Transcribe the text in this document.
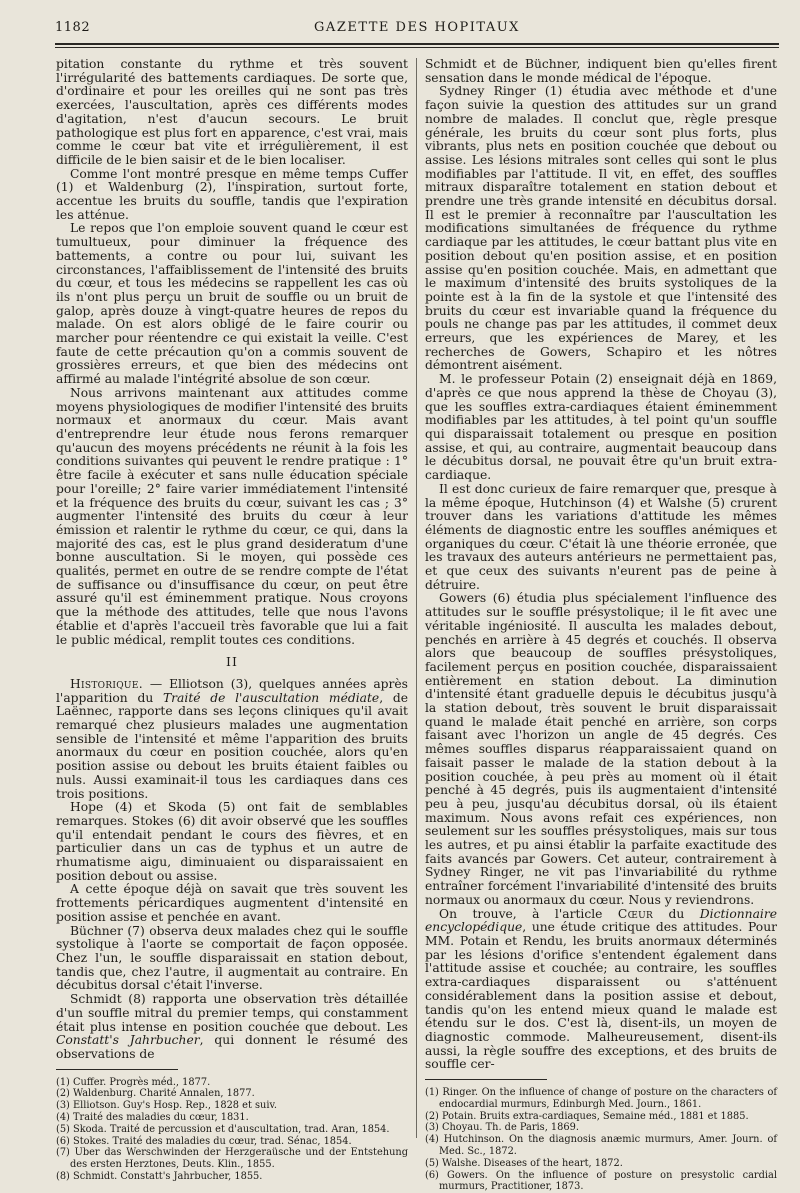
1182	GAZETTE DES HOPITAUX

pitation constante du rythme et très souvent l'irrégularité des battements cardiaques. De sorte que, d'ordinaire et pour les oreilles qui ne sont pas très exercées, l'auscultation, après ces différents modes d'agitation, n'est d'aucun secours. Le bruit pathologique est plus fort en apparence, c'est vrai, mais comme le cœur bat vite et irrégulièrement, il est difficile de le bien saisir et de le bien localiser.

Comme l'ont montré presque en même temps Cuffer (1) et Waldenburg (2), l'inspiration, surtout forte, accentue les bruits du souffle, tandis que l'expiration les atténue.

Le repos que l'on emploie souvent quand le cœur est tumultueux, pour diminuer la fréquence des battements, a contre ou pour lui, suivant les circonstances, l'affaiblissement de l'intensité des bruits du cœur, et tous les médecins se rappellent les cas où ils n'ont plus perçu un bruit de souffle ou un bruit de galop, après douze à vingt-quatre heures de repos du malade. On est alors obligé de le faire courir ou marcher pour réentendre ce qui existait la veille. C'est faute de cette précaution qu'on a commis souvent de grossières erreurs, et que bien des médecins ont affirmé au malade l'intégrité absolue de son cœur.

Nous arrivons maintenant aux attitudes comme moyens physiologiques de modifier l'intensité des bruits normaux et anormaux du cœur. Mais avant d'entreprendre leur étude nous ferons remarquer qu'aucun des moyens précédents ne réunit à la fois les conditions suivantes qui peuvent le rendre pratique : 1° être facile à exécuter et sans nulle éducation spéciale pour l'oreille; 2° faire varier immédiatement l'intensité et la fréquence des bruits du cœur, suivant les cas ; 3° augmenter l'intensité des bruits du cœur à leur émission et ralentir le rythme du cœur, ce qui, dans la majorité des cas, est le plus grand desideratum d'une bonne auscultation. Si le moyen, qui possède ces qualités, permet en outre de se rendre compte de l'état de suffisance ou d'insuffisance du cœur, on peut être assuré qu'il est éminemment pratique. Nous croyons que la méthode des attitudes, telle que nous l'avons établie et d'après l'accueil très favorable que lui a fait le public médical, remplit toutes ces conditions.

II

Historique. — Elliotson (3), quelques années après l'apparition du Traité de l'auscultation médiate, de Laënnec, rapporte dans ses leçons cliniques qu'il avait remarqué chez plusieurs malades une augmentation sensible de l'intensité et même l'apparition des bruits anormaux du cœur en position couchée, alors qu'en position assise ou debout les bruits étaient faibles ou nuls. Aussi examinait-il tous les cardiaques dans ces trois positions.

Hope (4) et Skoda (5) ont fait de semblables remarques. Stokes (6) dit avoir observé que les souffles qu'il entendait pendant le cours des fièvres, et en particulier dans un cas de typhus et un autre de rhumatisme aigu, diminuaient ou disparaissaient en position debout ou assise.

A cette époque déjà on savait que très souvent les frottements péricardiques augmentent d'intensité en position assise et penchée en avant.

Büchner (7) observa deux malades chez qui le souffle systolique à l'aorte se comportait de façon opposée. Chez l'un, le souffle disparaissait en station debout, tandis que, chez l'autre, il augmentait au contraire. En décubitus dorsal c'était l'inverse.

Schmidt (8) rapporta une observation très détaillée d'un souffle mitral du premier temps, qui constamment était plus intense en position couchée que debout. Les Constatt's Jahrbucher, qui donnent le résumé des observations de

(1) Cuffer. Progrès méd., 1877.
(2) Waldenburg. Charité Annalen, 1877.
(3) Elliotson. Guy's Hosp. Rep., 1828 et suiv.
(4) Traité des maladies du cœur, 1831.
(5) Skoda. Traité de percussion et d'auscultation, trad. Aran, 1854.
(6) Stokes. Traité des maladies du cœur, trad. Sénac, 1854.
(7) Uber das Werschwinden der Herzgeraüsche und der Entstehung des ersten Herztones, Deuts. Klin., 1855.
(8) Schmidt. Constatt's Jahrbucher, 1855.

Schmidt et de Büchner, indiquent bien qu'elles firent sensation dans le monde médical de l'époque.

Sydney Ringer (1) étudia avec méthode et d'une façon suivie la question des attitudes sur un grand nombre de malades. Il conclut que, règle presque générale, les bruits du cœur sont plus forts, plus vibrants, plus nets en position couchée que debout ou assise. Les lésions mitrales sont celles qui sont le plus modifiables par l'attitude. Il vit, en effet, des souffles mitraux disparaître totalement en station debout et prendre une très grande intensité en décubitus dorsal. Il est le premier à reconnaître par l'auscultation les modifications simultanées de fréquence du rythme cardiaque par les attitudes, le cœur battant plus vite en position debout qu'en position assise, et en position assise qu'en position couchée. Mais, en admettant que le maximum d'intensité des bruits systoliques de la pointe est à la fin de la systole et que l'intensité des bruits du cœur est invariable quand la fréquence du pouls ne change pas par les attitudes, il commet deux erreurs, que les expériences de Marey, et les recherches de Gowers, Schapiro et les nôtres démontrent aisément.

M. le professeur Potain (2) enseignait déjà en 1869, d'après ce que nous apprend la thèse de Choyau (3), que les souffles extra-cardiaques étaient éminemment modifiables par les attitudes, à tel point qu'un souffle qui disparaissait totalement ou presque en position assise, et qui, au contraire, augmentait beaucoup dans le décubitus dorsal, ne pouvait être qu'un bruit extra-cardiaque.

Il est donc curieux de faire remarquer que, presque à la même époque, Hutchinson (4) et Walshe (5) crurent trouver dans les variations d'attitude les mêmes éléments de diagnostic entre les souffles anémiques et organiques du cœur. C'était là une théorie erronée, que les travaux des auteurs antérieurs ne permettaient pas, et que ceux des suivants n'eurent pas de peine à détruire.

Gowers (6) étudia plus spécialement l'influence des attitudes sur le souffle présystolique; il le fit avec une véritable ingéniosité. Il ausculta les malades debout, penchés en arrière à 45 degrés et couchés. Il observa alors que beaucoup de souffles présystoliques, facilement perçus en position couchée, disparaissaient entièrement en station debout. La diminution d'intensité étant graduelle depuis le décubitus jusqu'à la station debout, très souvent le bruit disparaissait quand le malade était penché en arrière, son corps faisant avec l'horizon un angle de 45 degrés. Ces mêmes souffles disparus réapparaissaient quand on faisait passer le malade de la station debout à la position couchée, à peu près au moment où il était penché à 45 degrés, puis ils augmentaient d'intensité peu à peu, jusqu'au décubitus dorsal, où ils étaient maximum. Nous avons refait ces expériences, non seulement sur les souffles présystoliques, mais sur tous les autres, et pu ainsi établir la parfaite exactitude des faits avancés par Gowers. Cet auteur, contrairement à Sydney Ringer, ne vit pas l'invariabilité du rythme entraîner forcément l'invariabilité d'intensité des bruits normaux ou anormaux du cœur. Nous y reviendrons.

On trouve, à l'article Cœur du Dictionnaire encyclopédique, une étude critique des attitudes. Pour MM. Potain et Rendu, les bruits anormaux déterminés par les lésions d'orifice s'entendent également dans l'attitude assise et couchée; au contraire, les souffles extra-cardiaques disparaissent ou s'atténuent considérablement dans la position assise et debout, tandis qu'on les entend mieux quand le malade est étendu sur le dos. C'est là, disent-ils, un moyen de diagnostic commode. Malheureusement, disent-ils aussi, la règle souffre des exceptions, et des bruits de souffle cer-

(1) Ringer. On the influence of change of posture on the characters of endocardial murmurs, Edinburgh Med. Journ., 1861.
(2) Potain. Bruits extra-cardiaques, Semaine méd., 1881 et 1885.
(3) Choyau. Th. de Paris, 1869.
(4) Hutchinson. On the diagnosis anæmic murmurs, Amer. Journ. of Med. Sc., 1872.
(5) Walshe. Diseases of the heart, 1872.
(6) Gowers. On the influence of posture on presystolic cardial murmurs, Practitioner, 1873.
